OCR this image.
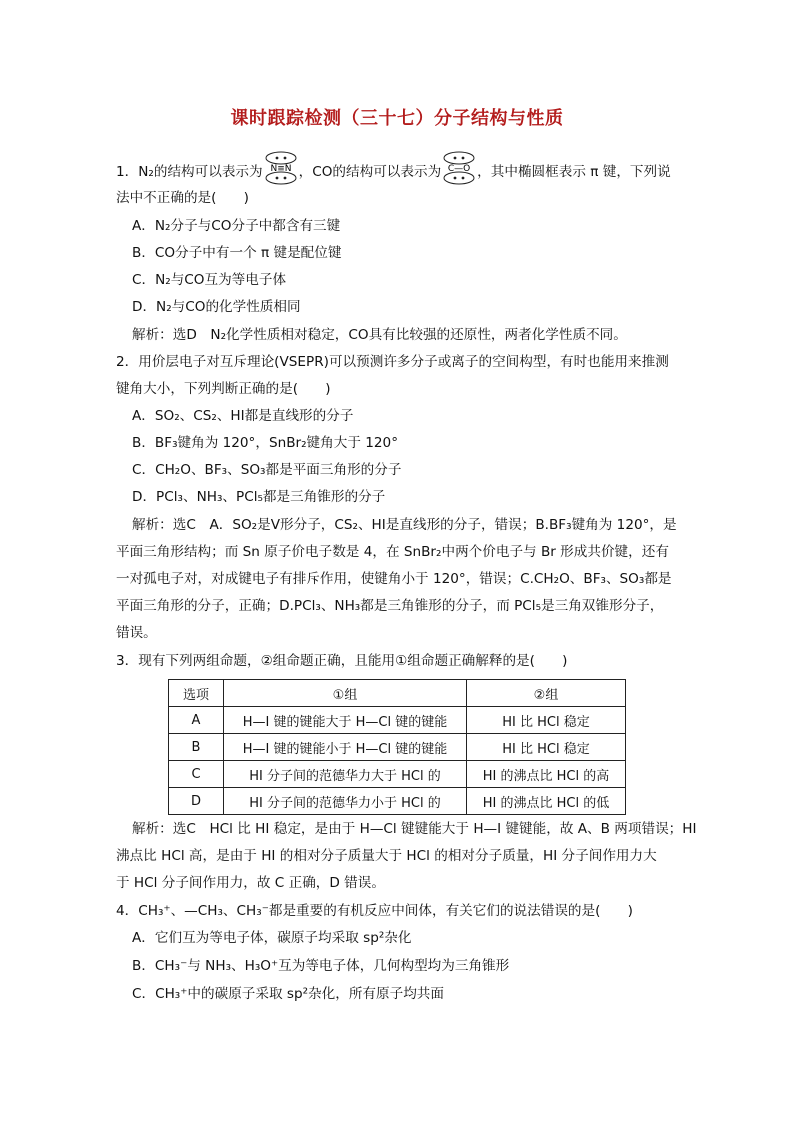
课时跟踪检测（三十七）分子结构与性质
1．N₂的结构可以表示为 N≡N ，CO的结构可以表示为 C—O ，其中椭圆框表示 π 键，下列说
法中不正确的是(　　)
A．N₂分子与CO分子中都含有三键
B．CO分子中有一个 π 键是配位键
C．N₂与CO互为等电子体
D．N₂与CO的化学性质相同
解析：选D　N₂化学性质相对稳定，CO具有比较强的还原性，两者化学性质不同。
2．用价层电子对互斥理论(VSEPR)可以预测许多分子或离子的空间构型，有时也能用来推测
键角大小，下列判断正确的是(　　)
A．SO₂、CS₂、HI都是直线形的分子
B．BF₃键角为 120°，SnBr₂键角大于 120°
C．CH₂O、BF₃、SO₃都是平面三角形的分子
D．PCl₃、NH₃、PCl₅都是三角锥形的分子
解析：选C　A．SO₂是V形分子，CS₂、HI是直线形的分子，错误；B.BF₃键角为 120°，是
平面三角形结构；而 Sn 原子价电子数是 4，在 SnBr₂中两个价电子与 Br 形成共价键，还有
一对孤电子对，对成键电子有排斥作用，使键角小于 120°，错误；C.CH₂O、BF₃、SO₃都是
平面三角形的分子，正确；D.PCl₃、NH₃都是三角锥形的分子，而 PCl₅是三角双锥形分子，
错误。
3．现有下列两组命题，②组命题正确，且能用①组命题正确解释的是(　　)
选项	①组	②组
A	H—I 键的键能大于 H—Cl 键的键能	HI 比 HCl 稳定
B	H—I 键的键能小于 H—Cl 键的键能	HI 比 HCl 稳定
C	HI 分子间的范德华力大于 HCl 的	HI 的沸点比 HCl 的高
D	HI 分子间的范德华力小于 HCl 的	HI 的沸点比 HCl 的低
解析：选C　HCl 比 HI 稳定，是由于 H—Cl 键键能大于 H—I 键键能，故 A、B 两项错误；HI
沸点比 HCl 高，是由于 HI 的相对分子质量大于 HCl 的相对分子质量，HI 分子间作用力大
于 HCl 分子间作用力，故 C 正确，D 错误。
4．CH₃⁺、—CH₃、CH₃⁻都是重要的有机反应中间体，有关它们的说法错误的是(　　)
A．它们互为等电子体，碳原子均采取 sp²杂化
B．CH₃⁻与 NH₃、H₃O⁺互为等电子体，几何构型均为三角锥形
C．CH₃⁺中的碳原子采取 sp²杂化，所有原子均共面
